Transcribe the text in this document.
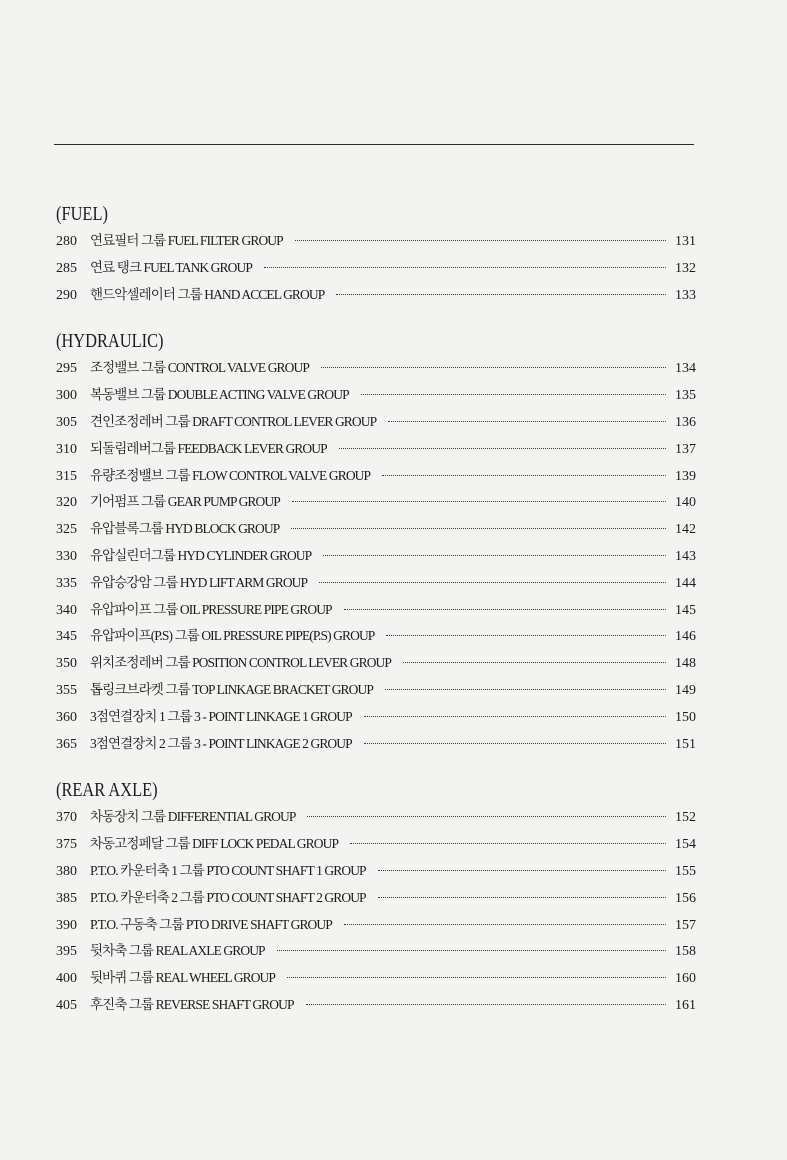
(FUEL)
280 연료필터 그룹 FUEL FILTER GROUP	131
285 연료 탱크 FUEL TANK GROUP	132
290 핸드악셀레이터 그룹 HAND ACCEL GROUP	133
(HYDRAULIC)
295 조정밸브 그룹 CONTROL VALVE GROUP	134
300 복동밸브 그룹 DOUBLE ACTING VALVE GROUP	135
305 견인조정레버 그룹 DRAFT CONTROL LEVER GROUP	136
310 되돌림레버그룹 FEEDBACK LEVER GROUP	137
315 유량조정밸브 그룹 FLOW CONTROL VALVE GROUP	139
320 기어펌프 그룹 GEAR PUMP GROUP	140
325 유압블록그룹 HYD BLOCK GROUP	142
330 유압실린더그룹 HYD CYLINDER GROUP	143
335 유압승강암 그룹 HYD LIFT ARM GROUP	144
340 유압파이프 그룹 OIL PRESSURE PIPE GROUP	145
345 유압파이프(P.S) 그룹 OIL PRESSURE PIPE(P.S) GROUP	146
350 위치조정레버 그룹 POSITION CONTROL LEVER GROUP	148
355 톱링크브라켓 그룹 TOP LINKAGE BRACKET GROUP	149
360 3점연결장치 1 그룹 3 - POINT LINKAGE 1 GROUP	150
365 3점연결장치 2 그룹 3 - POINT LINKAGE 2 GROUP	151
(REAR AXLE)
370 차동장치 그룹 DIFFERENTIAL GROUP	152
375 차동고정페달 그룹 DIFF LOCK PEDAL GROUP	154
380 P.T.O. 카운터축 1 그룹 PTO COUNT SHAFT 1 GROUP	155
385 P.T.O. 카운터축 2 그룹 PTO COUNT SHAFT 2 GROUP	156
390 P.T.O. 구동축 그룹 PTO DRIVE SHAFT GROUP	157
395 뒷차축 그룹 REAL AXLE GROUP	158
400 뒷바퀴 그룹 REAL WHEEL GROUP	160
405 후진축 그룹 REVERSE SHAFT GROUP	161
